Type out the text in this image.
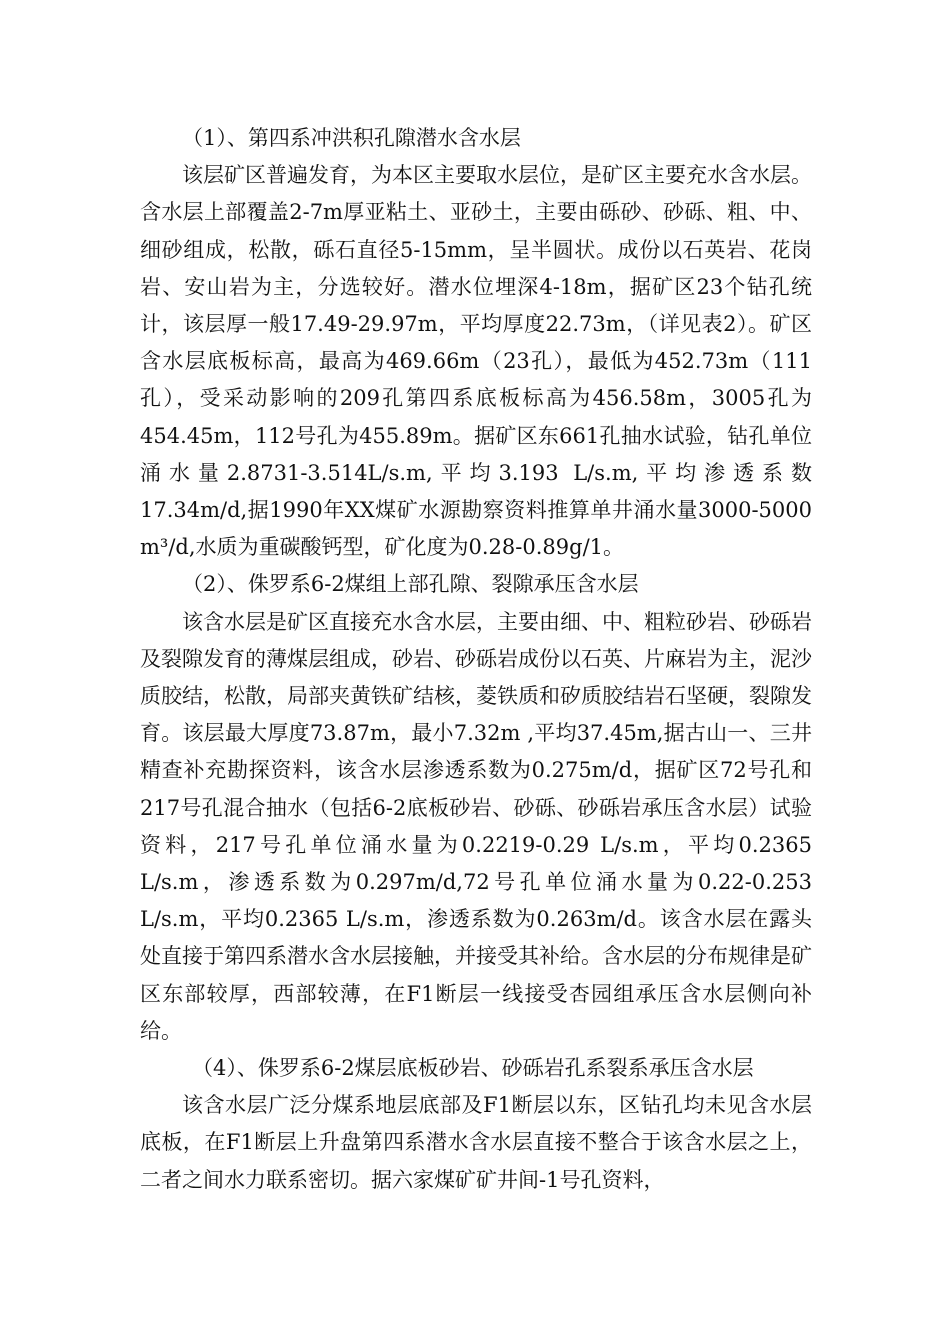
（1）、第四系冲洪积孔隙潜水含水层

该层矿区普遍发育，为本区主要取水层位，是矿区主要充水含水层。含水层上部覆盖2-7m厚亚粘土、亚砂土，主要由砾砂、砂砾、粗、中、细砂组成，松散，砾石直径5-15mm，呈半圆状。成份以石英岩、花岗岩、安山岩为主，分选较好。潜水位埋深4-18m，据矿区23个钻孔统计，该层厚一般17.49-29.97m，平均厚度22.73m，（详见表2）。矿区含水层底板标高，最高为469.66m（23孔），最低为452.73m（111孔），受采动影响的209孔第四系底板标高为456.58m，3005孔为454.45m，112号孔为455.89m。据矿区东661孔抽水试验，钻孔单位涌水量2.8731-3.514L/s.m,平均3.193 L/s.m,平均渗透系数17.34m/d,据1990年XX煤矿水源勘察资料推算单井涌水量3000-5000 m³/d,水质为重碳酸钙型，矿化度为0.28-0.89g/1。

（2）、侏罗系6-2煤组上部孔隙、裂隙承压含水层

该含水层是矿区直接充水含水层，主要由细、中、粗粒砂岩、砂砾岩及裂隙发育的薄煤层组成，砂岩、砂砾岩成份以石英、片麻岩为主，泥沙质胶结，松散，局部夹黄铁矿结核，菱铁质和矽质胶结岩石坚硬，裂隙发育。该层最大厚度73.87m，最小7.32m ,平均37.45m,据古山一、三井精查补充勘探资料，该含水层渗透系数为0.275m/d，据矿区72号孔和217号孔混合抽水（包括6-2底板砂岩、砂砾、砂砾岩承压含水层）试验资料，217号孔单位涌水量为0.2219-0.29 L/s.m，平均0.2365 L/s.m，渗透系数为0.297m/d,72号孔单位涌水量为0.22-0.253 L/s.m，平均0.2365 L/s.m，渗透系数为0.263m/d。该含水层在露头处直接于第四系潜水含水层接触，并接受其补给。含水层的分布规律是矿区东部较厚，西部较薄，在F1断层一线接受杏园组承压含水层侧向补给。

（4）、侏罗系6-2煤层底板砂岩、砂砾岩孔系裂系承压含水层

该含水层广泛分煤系地层底部及F1断层以东，区钻孔均未见含水层底板，在F1断层上升盘第四系潜水含水层直接不整合于该含水层之上，二者之间水力联系密切。据六家煤矿矿井间-1号孔资料，
